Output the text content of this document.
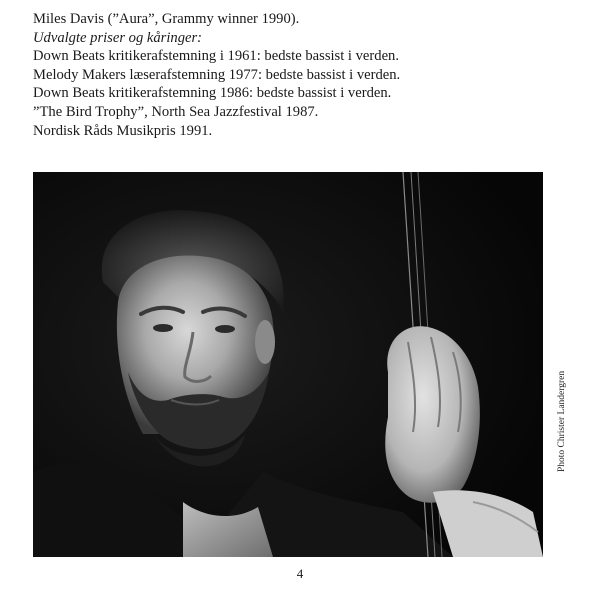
Miles Davis (”Aura”, Grammy winner 1990).
Udvalgte priser og kåringer:
Down Beats kritikerafstemning i 1961: bedste bassist i verden.
Melody Makers læserafstemning 1977: bedste bassist i verden.
Down Beats kritikerafstemning 1986: bedste bassist i verden.
”The Bird Trophy”, North Sea Jazzfestival 1987.
Nordisk Råds Musikpris 1991.
Photo Christer Landergren
4
